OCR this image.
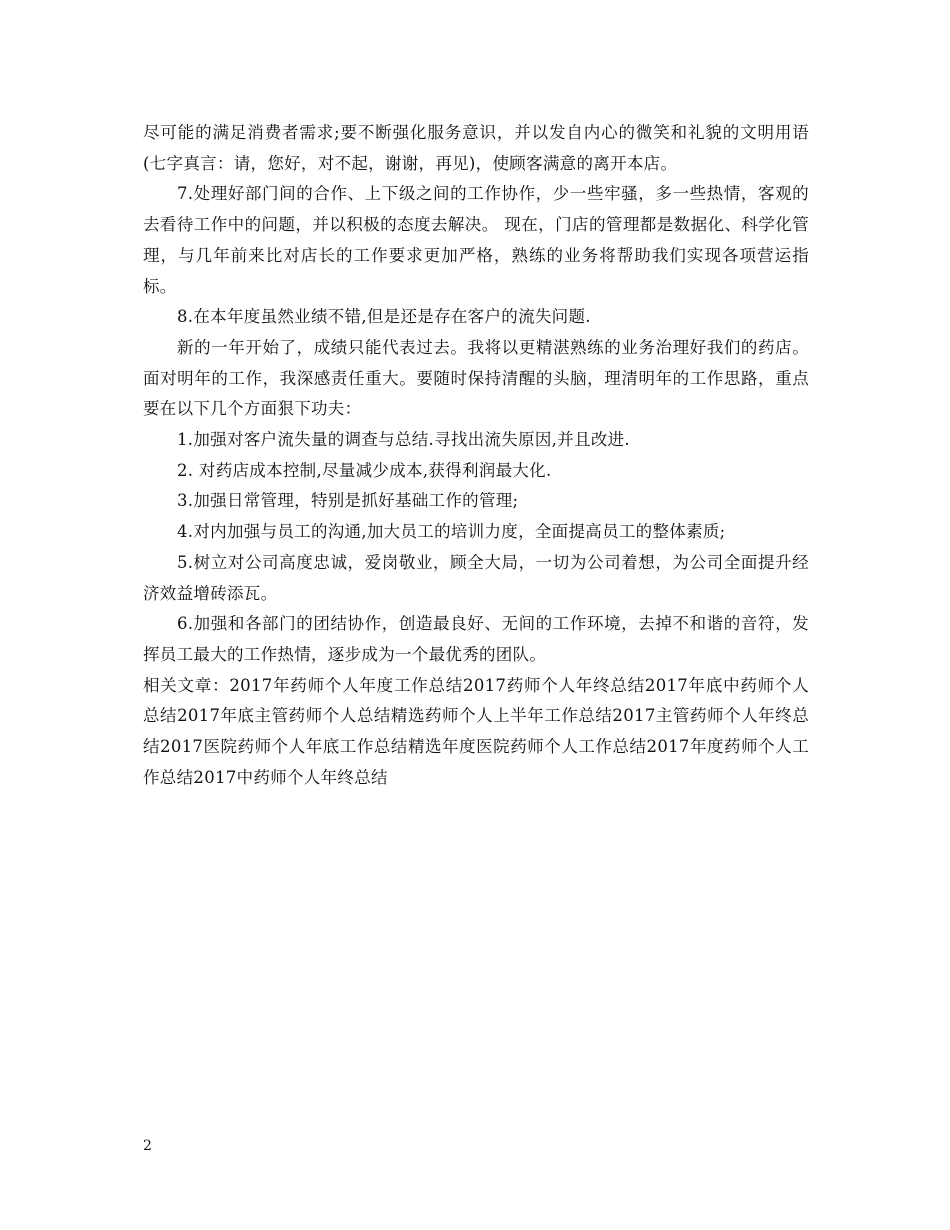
尽可能的满足消费者需求;要不断强化服务意识，并以发自内心的微笑和礼貌的文明用语(七字真言：请，您好，对不起，谢谢，再见)，使顾客满意的离开本店。

7.处理好部门间的合作、上下级之间的工作协作，少一些牢骚，多一些热情，客观的去看待工作中的问题，并以积极的态度去解决。 现在，门店的管理都是数据化、科学化管理，与几年前来比对店长的工作要求更加严格，熟练的业务将帮助我们实现各项营运指标。

8.在本年度虽然业绩不错,但是还是存在客户的流失问题.

新的一年开始了，成绩只能代表过去。我将以更精湛熟练的业务治理好我们的药店。 面对明年的工作，我深感责任重大。要随时保持清醒的头脑，理清明年的工作思路，重点要在以下几个方面狠下功夫：

1.加强对客户流失量的调查与总结.寻找出流失原因,并且改进.

2. 对药店成本控制,尽量减少成本,获得利润最大化.

3.加强日常管理，特别是抓好基础工作的管理;

4.对内加强与员工的沟通,加大员工的培训力度，全面提高员工的整体素质;

5.树立对公司高度忠诚，爱岗敬业，顾全大局，一切为公司着想，为公司全面提升经济效益增砖添瓦。

6.加强和各部门的团结协作，创造最良好、无间的工作环境，去掉不和谐的音符，发挥员工最大的工作热情，逐步成为一个最优秀的团队。

相关文章：2017年药师个人年度工作总结2017药师个人年终总结2017年底中药师个人总结2017年底主管药师个人总结精选药师个人上半年工作总结2017主管药师个人年终总结2017医院药师个人年底工作总结精选年度医院药师个人工作总结2017年度药师个人工作总结2017中药师个人年终总结

2
